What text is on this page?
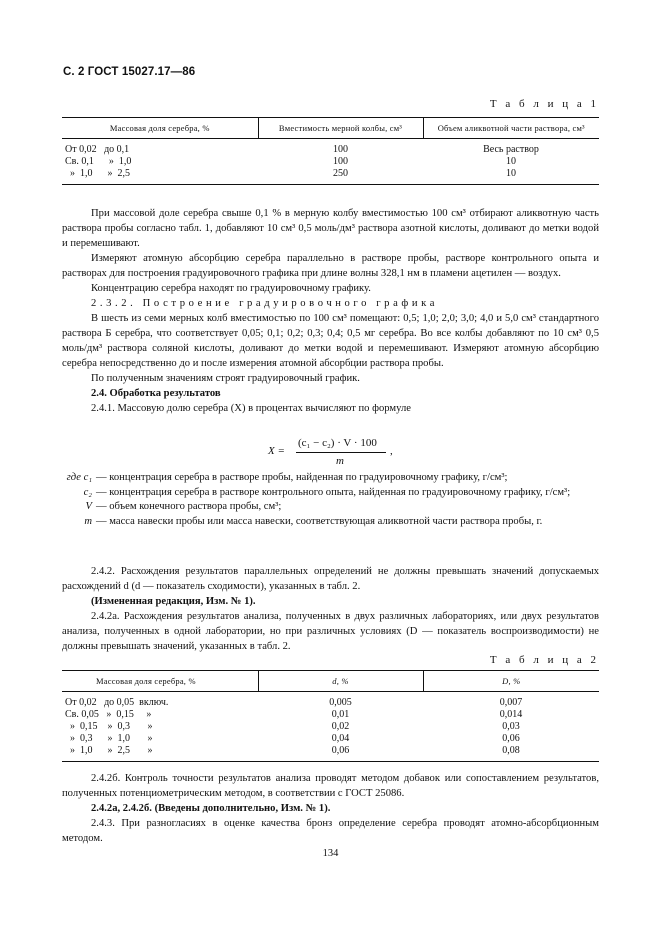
С. 2 ГОСТ 15027.17—86
Т а б л и ц а 1
Массовая доля серебра, %	Вместимость мерной колбы, см³	Объем аликвотной части раствора, см³
От 0,02   до 0,1	100	Весь раствор
Св. 0,1      »  1,0	100	10
»  1,0      »  2,5	250	10

При массовой доле серебра свыше 0,1 % в мерную колбу вместимостью 100 см³ отбирают аликвотную часть раствора пробы согласно табл. 1, добавляют 10 см³ 0,5 моль/дм³ раствора азотной кислоты, доливают до метки водой и перемешивают.

Измеряют атомную абсорбцию серебра параллельно в растворе пробы, растворе контрольного опыта и растворах для построения градуировочного графика при длине волны 328,1 нм в пламени ацетилен — воздух.

Концентрацию серебра находят по градуировочному графику.

2.3.2. Построение градуировочного графика

В шесть из семи мерных колб вместимостью по 100 см³ помещают: 0,5; 1,0; 2,0; 3,0; 4,0 и 5,0 см³ стандартного раствора Б серебра, что соответствует 0,05; 0,1; 0,2; 0,3; 0,4; 0,5 мг серебра. Во все колбы добавляют по 10 см³ 0,5 моль/дм³ раствора соляной кислоты, доливают до метки водой и перемешивают. Измеряют атомную абсорбцию серебра непосредственно до и после измерения атомной абсорбции раствора пробы.

По полученным значениям строят градуировочный график.

2.4. Обработка результатов

2.4.1. Массовую долю серебра (X) в процентах вычисляют по формуле

X =
(c₁ − c₂) · V · 100
m
,
где c₁ — концентрация серебра в растворе пробы, найденная по градуировочному графику, г/см³;
c₂ — концентрация серебра в растворе контрольного опыта, найденная по градуировочному графику, г/см³;
V — объем конечного раствора пробы, см³;
m — масса навески пробы или масса навески, соответствующая аликвотной части раствора пробы, г.

2.4.2. Расхождения результатов параллельных определений не должны превышать значений допускаемых расхождений d (d — показатель сходимости), указанных в табл. 2.

(Измененная редакция, Изм. № 1).

2.4.2а. Расхождения результатов анализа, полученных в двух различных лабораториях, или двух результатов анализа, полученных в одной лаборатории, но при различных условиях (D — показатель воспроизводимости) не должны превышать значений, указанных в табл. 2.

Т а б л и ц а 2
Массовая доля серебра, %	d, %	D, %
От 0,02   до 0,05  включ.	0,005	0,007
Св. 0,05   »  0,15     »	0,01	0,014
»  0,15    »  0,3       »	0,02	0,03
»  0,3      »  1,0       »	0,04	0,06
»  1,0      »  2,5       »	0,06	0,08

2.4.2б. Контроль точности результатов анализа проводят методом добавок или сопоставлением результатов, полученных потенциометрическим методом, в соответствии с ГОСТ 25086.

2.4.2а, 2.4.2б. (Введены дополнительно, Изм. № 1).

2.4.3. При разногласиях в оценке качества бронз определение серебра проводят атомно-абсорбционным методом.

134
